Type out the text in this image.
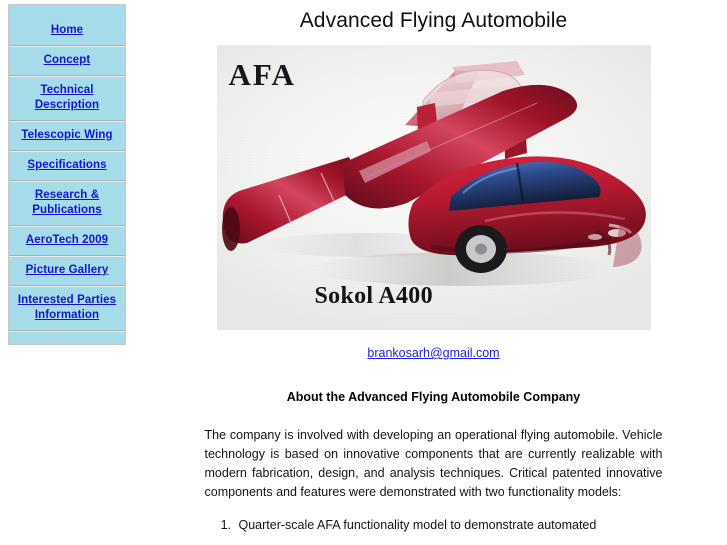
Home
Concept
Technical Description
Telescopic Wing
Specifications
Research & Publications
AeroTech 2009
Picture Gallery
Interested Parties Information
Advanced Flying Automobile
AFA
Sokol A400
brankosarh@gmail.com
About the Advanced Flying Automobile Company

The company is involved with developing an operational flying automobile. Vehicle technology is based on innovative components that are currently realizable with modern fabrication, design, and analysis techniques. Critical patented innovative components and features were demonstrated with two functionality models:

1. Quarter-scale AFA functionality model to demonstrate automated
